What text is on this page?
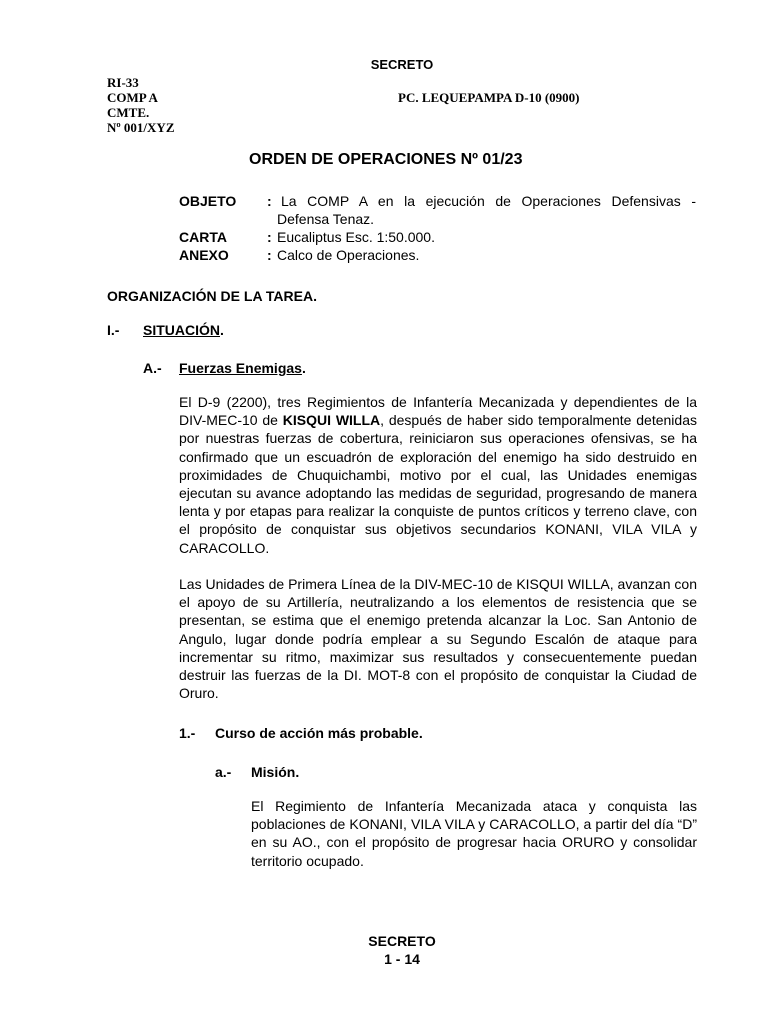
SECRETO
RI-33
COMP A
CMTE.
Nº 001/XYZ
PC. LEQUEPAMPA D-10 (0900)
ORDEN DE OPERACIONES Nº 01/23
OBJETO : La COMP A en la ejecución de Operaciones Defensivas -
Defensa Tenaz.
CARTA	: Eucaliptus Esc. 1:50.000.
ANEXO	: Calco de Operaciones.
ORGANIZACIÓN DE LA TAREA.
I.- SITUACIÓN.
A.- Fuerzas Enemigas.
El D-9 (2200), tres Regimientos de Infantería Mecanizada y dependientes de la DIV-MEC-10 de KISQUI WILLA, después de haber sido temporalmente detenidas por nuestras fuerzas de cobertura, reiniciaron sus operaciones ofensivas, se ha confirmado que un escuadrón de exploración del enemigo ha sido destruido en proximidades de Chuquichambi, motivo por el cual, las Unidades enemigas ejecutan su avance adoptando las medidas de seguridad, progresando de manera lenta y por etapas para realizar la conquiste de puntos críticos y terreno clave, con el propósito de conquistar sus objetivos secundarios KONANI, VILA VILA y CARACOLLO.
Las Unidades de Primera Línea de la DIV-MEC-10 de KISQUI WILLA, avanzan con el apoyo de su Artillería, neutralizando a los elementos de resistencia que se presentan, se estima que el enemigo pretenda alcanzar la Loc. San Antonio de Angulo, lugar donde podría emplear a su Segundo Escalón de ataque para incrementar su ritmo, maximizar sus resultados y consecuentemente puedan destruir las fuerzas de la DI. MOT-8 con el propósito de conquistar la Ciudad de Oruro.
1.- Curso de acción más probable.
a.- Misión.
El Regimiento de Infantería Mecanizada ataca y conquista las poblaciones de KONANI, VILA VILA y CARACOLLO, a partir del día “D” en su AO., con el propósito de progresar hacia ORURO y consolidar territorio ocupado.
SECRETO
1 - 14
